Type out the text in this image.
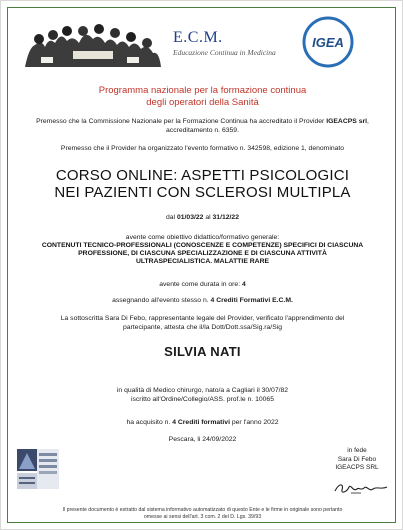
E.C.M.
Educazione Continua in Medicina
IGEA
Programma nazionale per la formazione continua
degli operatori della Sanità
Premesso che la Commissione Nazionale per la Formazione Continua ha accreditato il Provider IGEACPS srl, accreditamento n. 6359.
Premesso che il Provider ha organizzato l'evento formativo n. 342598, edizione 1, denominato
CORSO ONLINE: ASPETTI PSICOLOGICI
NEI PAZIENTI CON SCLEROSI MULTIPLA
dal 01/03/22 al 31/12/22
avente come obiettivo didattico/formativo generale:
CONTENUTI TECNICO-PROFESSIONALI (CONOSCENZE E COMPETENZE) SPECIFICI DI CIASCUNA PROFESSIONE, DI CIASCUNA SPECIALIZZAZIONE E DI CIASCUNA ATTIVITÀ ULTRASPECIALISTICA. MALATTIE RARE
avente come durata in ore: 4
assegnando all'evento stesso n. 4 Crediti Formativi E.C.M.
La sottoscritta Sara Di Febo, rappresentante legale del Provider, verificato l'apprendimento del
partecipante, attesta che il/la Dott/Dott.ssa/Sig.ra/Sig
SILVIA NATI
in qualità di Medico chirurgo, nato/a a Cagliari il 30/07/82
iscritto all'Ordine/Collegio/ASS. prof.le n. 10065
ha acquisito n. 4 Crediti formativi per l'anno 2022
Pescara, li 24/09/2022
in fede
Sara Di Febo
IGEACPS SRL
Il presente documento è estratto dal sistema informativo automatizzato di questo Ente e le firme in originale sono pertanto
omesse ai sensi dell'art. 3 com. 2 del D. Lgs. 39/93
